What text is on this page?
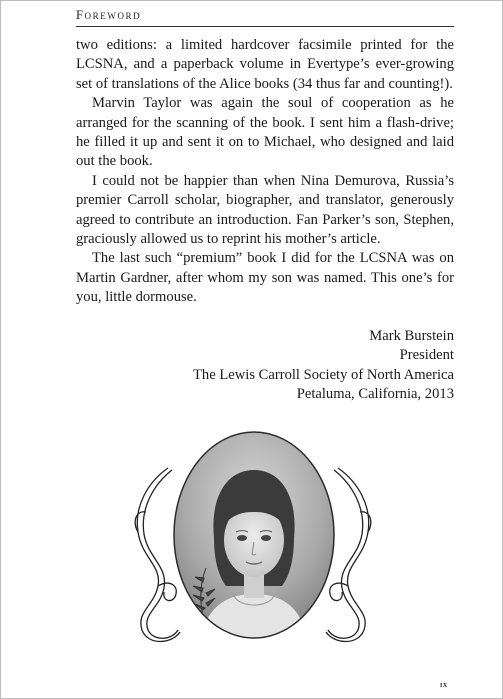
Foreword

two editions: a limited hardcover facsimile printed for the LCSNA, and a paperback volume in Evertype’s ever-growing set of translations of the Alice books (34 thus far and counting!).

Marvin Taylor was again the soul of cooperation as he arranged for the scanning of the book. I sent him a flash-drive; he filled it up and sent it on to Michael, who designed and laid out the book.

I could not be happier than when Nina Demurova, Russia’s premier Carroll scholar, biographer, and translator, generously agreed to contribute an introduction. Fan Parker’s son, Stephen, graciously allowed us to reprint his mother’s article.

The last such “premium” book I did for the LCSNA was on Martin Gardner, after whom my son was named. This one’s for you, little dormouse.

Mark Burstein
President
The Lewis Carroll Society of North America
Petaluma, California, 2013
ix
